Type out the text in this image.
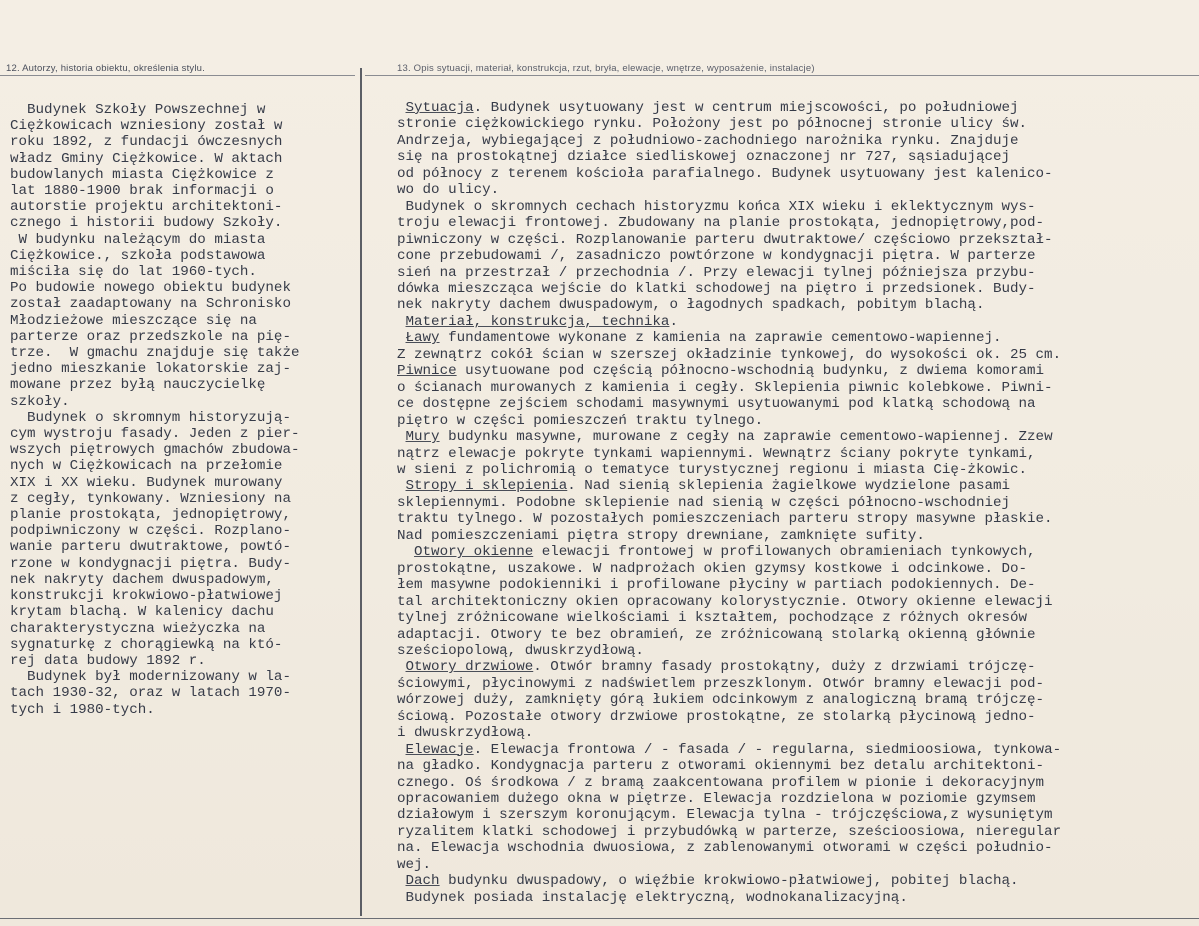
12. Autorzy, historia obiektu, określenia stylu.	13. Opis sytuacji, materiał, konstrukcja, rzut, bryła, elewacje, wnętrze, wyposażenie, instalacje)
Budynek Szkoły Powszechnej w
Ciężkowicach wzniesiony został w
roku 1892, z fundacji ówczesnych
władz Gminy Ciężkowice. W aktach
budowlanych miasta Ciężkowice z
lat 1880-1900 brak informacji o
autorstie projektu architektoni-
cznego i historii budowy Szkoły.
W budynku należącym do miasta
Ciężkowice., szkoła podstawowa
miściła się do lat 1960-tych.
Po budowie nowego obiektu budynek
został zaadaptowany na Schronisko
Młodzieżowe mieszczące się na
parterze oraz przedszkole na pię-
trze.  W gmachu znajduje się także
jedno mieszkanie lokatorskie zaj-
mowane przez byłą nauczycielkę
szkoły.
Budynek o skromnym historyzują-
cym wystroju fasady. Jeden z pier-
wszych piętrowych gmachów zbudowa-
nych w Ciężkowicach na przełomie
XIX i XX wieku. Budynek murowany
z cegły, tynkowany. Wzniesiony na
planie prostokąta, jednopiętrowy,
podpiwniczony w części. Rozplano-
wanie parteru dwutraktowe, powtó-
rzone w kondygnacji piętra. Budy-
nek nakryty dachem dwuspadowym,
konstrukcji krokwiowo-płatwiowej
krytam blachą. W kalenicy dachu
charakterystyczna wieżyczka na
sygnaturkę z chorągiewką na któ-
rej data budowy 1892 r.
Budynek był modernizowany w la-
tach 1930-32, oraz w latach 1970-
tych i 1980-tych.
Sytuacja. Budynek usytuowany jest w centrum miejscowości, po południowej
stronie ciężkowickiego rynku. Położony jest po północnej stronie ulicy św.
Andrzeja, wybiegającej z południowo-zachodniego narożnika rynku. Znajduje
się na prostokątnej działce siedliskowej oznaczonej nr 727, sąsiadującej
od północy z terenem kościoła parafialnego. Budynek usytuowany jest kalenico-
wo do ulicy.
Budynek o skromnych cechach historyzmu końca XIX wieku i eklektycznym wys-
troju elewacji frontowej. Zbudowany na planie prostokąta, jednopiętrowy,pod-
piwniczony w części. Rozplanowanie parteru dwutraktowe/ częściowo przekształ-
cone przebudowami /, zasadniczo powtórzone w kondygnacji piętra. W parterze
sień na przestrzał / przechodnia /. Przy elewacji tylnej późniejsza przybu-
dówka mieszcząca wejście do klatki schodowej na piętro i przedsionek. Budy-
nek nakryty dachem dwuspadowym, o łagodnych spadkach, pobitym blachą.
Materiał, konstrukcja, technika.
Ławy fundamentowe wykonane z kamienia na zaprawie cementowo-wapiennej.
Z zewnątrz cokół ścian w szerszej okładzinie tynkowej, do wysokości ok. 25 cm.
Piwnice usytuowane pod częścią północno-wschodnią budynku, z dwiema komorami
o ścianach murowanych z kamienia i cegły. Sklepienia piwnic kolebkowe. Piwni-
ce dostępne zejściem schodami masywnymi usytuowanymi pod klatką schodową na
piętro w części pomieszczeń traktu tylnego.
Mury budynku masywne, murowane z cegły na zaprawie cementowo-wapiennej. Zzew
nątrz elewacje pokryte tynkami wapiennymi. Wewnątrz ściany pokryte tynkami,
w sieni z polichromią o tematyce turystycznej regionu i miasta Cię-żkowic.
Stropy i sklepienia. Nad sienią sklepienia żagielkowe wydzielone pasami
sklepiennymi. Podobne sklepienie nad sienią w części północno-wschodniej
traktu tylnego. W pozostałych pomieszczeniach parteru stropy masywne płaskie.
Nad pomieszczeniami piętra stropy drewniane, zamknięte sufity.
Otwory okienne elewacji frontowej w profilowanych obramieniach tynkowych,
prostokątne, uszakowe. W nadprożach okien gzymsy kostkowe i odcinkowe. Do-
łem masywne podokienniki i profilowane płyciny w partiach podokiennych. De-
tal architektoniczny okien opracowany kolorystycznie. Otwory okienne elewacji
tylnej zróżnicowane wielkościami i kształtem, pochodzące z różnych okresów
adaptacji. Otwory te bez obramień, ze zróżnicowaną stolarką okienną głównie
sześciopolową, dwuskrzydłową.
Otwory drzwiowe. Otwór bramny fasady prostokątny, duży z drzwiami trójczę-
ściowymi, płycinowymi z nadświetlem przeszklonym. Otwór bramny elewacji pod-
wórzowej duży, zamknięty górą łukiem odcinkowym z analogiczną bramą trójczę-
ściową. Pozostałe otwory drzwiowe prostokątne, ze stolarką płycinową jedno-
i dwuskrzydłową.
Elewacje. Elewacja frontowa / - fasada / - regularna, siedmioosiowa, tynkowa-
na gładko. Kondygnacja parteru z otworami okiennymi bez detalu architektoni-
cznego. Oś środkowa / z bramą zaakcentowana profilem w pionie i dekoracyjnym
opracowaniem dużego okna w piętrze. Elewacja rozdzielona w poziomie gzymsem
działowym i szerszym koronującym. Elewacja tylna - trójczęściowa,z wysuniętym
ryzalitem klatki schodowej i przybudówką w parterze, sześcioosiowa, nieregular
na. Elewacja wschodnia dwuosiowa, z zablenowanymi otworami w części południo-
wej.
Dach budynku dwuspadowy, o więźbie krokwiowo-płatwiowej, pobitej blachą.
Budynek posiada instalację elektryczną, wodnokanalizacyjną.
